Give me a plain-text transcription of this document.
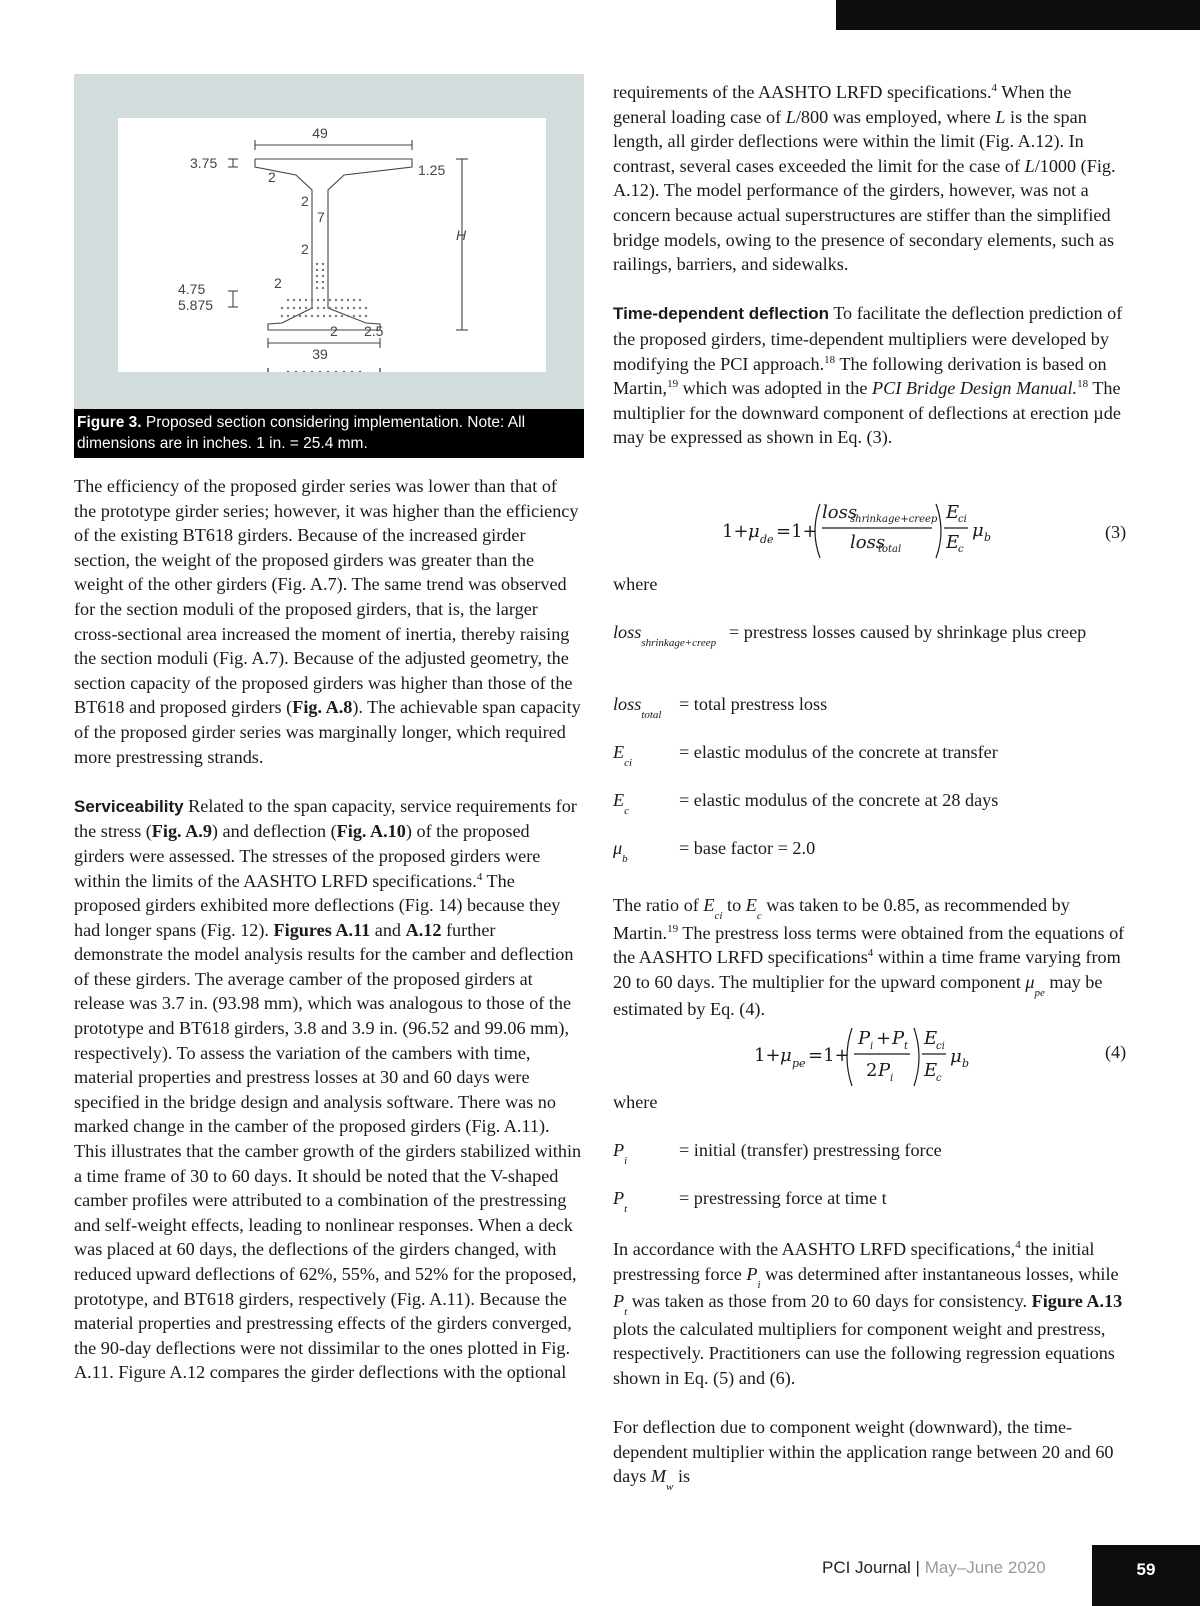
49
3.75
2	1.25
2
7
2
2
4.75
5.875
2 2.5
39
H
Figure 3. Proposed section considering implementation. Note: All dimensions are in inches. 1 in. = 25.4 mm.

The efficiency of the proposed girder series was lower than that of the prototype girder series; however, it was higher than the efficiency of the existing BT618 girders. Because of the increased girder section, the weight of the proposed girders was greater than the weight of the other girders (Fig. A.7). The same trend was observed for the section moduli of the proposed girders, that is, the larger cross-sectional area increased the moment of inertia, thereby raising the section moduli (Fig. A.7). Because of the adjusted geometry, the section capacity of the proposed girders was higher than those of the BT618 and proposed girders (Fig. A.8). The achievable span capacity of the proposed girder series was marginally longer, which required more prestressing strands.

Serviceability Related to the span capacity, service requirements for the stress (Fig. A.9) and deflection (Fig. A.10) of the proposed girders were assessed. The stresses of the proposed girders were within the limits of the AASHTO LRFD specifications.$^4$ The proposed girders exhibited more deflections (Fig. 14) because they had longer spans (Fig. 12). Figures A.11 and A.12 further demonstrate the model analysis results for the camber and deflection of these girders. The average camber of the proposed girders at release was 3.7 in. (93.98 mm), which was analogous to those of the prototype and BT618 girders, 3.8 and 3.9 in. (96.52 and 99.06 mm), respectively). To assess the variation of the cambers with time, material properties and prestress losses at 30 and 60 days were specified in the bridge design and analysis software. There was no marked change in the camber of the proposed girders (Fig. A.11). This illustrates that the camber growth of the girders stabilized within a time frame of 30 to 60 days. It should be noted that the V-shaped camber profiles were attributed to a combination of the prestressing and self-weight effects, leading to nonlinear responses. When a deck was placed at 60 days, the deflections of the girders changed, with reduced upward deflections of 62%, 55%, and 52% for the proposed, prototype, and BT618 girders, respectively (Fig. A.11). Because the material properties and prestressing effects of the girders converged, the 90-day deflections were not dissimilar to the ones plotted in Fig. A.11. Figure A.12 compares the girder deflections with the optional

requirements of the AASHTO LRFD specifications.$^4$ When the general loading case of L/800 was employed, where L is the span length, all girder deflections were within the limit (Fig. A.12). In contrast, several cases exceeded the limit for the case of L/1000 (Fig. A.12). The model performance of the girders, however, was not a concern because actual superstructures are stiffer than the simplified bridge models, owing to the presence of secondary elements, such as railings, barriers, and sidewalks.

Time-dependent deflection To facilitate the deflection prediction of the proposed girders, time-dependent multipliers were developed by modifying the PCI approach.$^{18}$ The following derivation is based on Martin,$^{19}$ which was adopted in the PCI Bridge Design Manual.$^{18}$ The multiplier for the downward component of deflections at erection µde may be expressed as shown in Eq. (3).

1+ μ de =1+
loss
shrinkage+creep
loss
total
E
ci
E
c
μ b	(3)
where
loss$_{shrinkage+creep}$
= prestress losses caused by shrinkage plus creep
loss$_{total}$
= total prestress loss
$E_{ci}$
= elastic modulus of the concrete at transfer
$E_c$
= elastic modulus of the concrete at 28 days
$\mu_b$
= base factor = 2.0

The ratio of $E_{ci}$ to $E_c$ was taken to be 0.85, as recommended by Martin.$^{19}$ The prestress loss terms were obtained from the equations of the AASHTO LRFD specifications$^4$ within a time frame varying from 20 to 60 days. The multiplier for the upward component $\mu_{pe}$ may be estimated by Eq. (4).

1+ μ pe =1+
P i + P t
2 P i
E
ci
E
c
μ b
(4)
where
$P_i$
= initial (transfer) prestressing force
$P_t$
= prestressing force at time t

In accordance with the AASHTO LRFD specifications,$^4$ the initial prestressing force $P_i$ was determined after instantaneous losses, while $P_t$ was taken as those from 20 to 60 days for consistency. Figure A.13 plots the calculated multipliers for component weight and prestress, respectively. Practitioners can use the following regression equations shown in Eq. (5) and (6).

For deflection due to component weight (downward), the time-dependent multiplier within the application range between 20 and 60 days $M_w$ is

PCI Journal | May–June 2020	59
